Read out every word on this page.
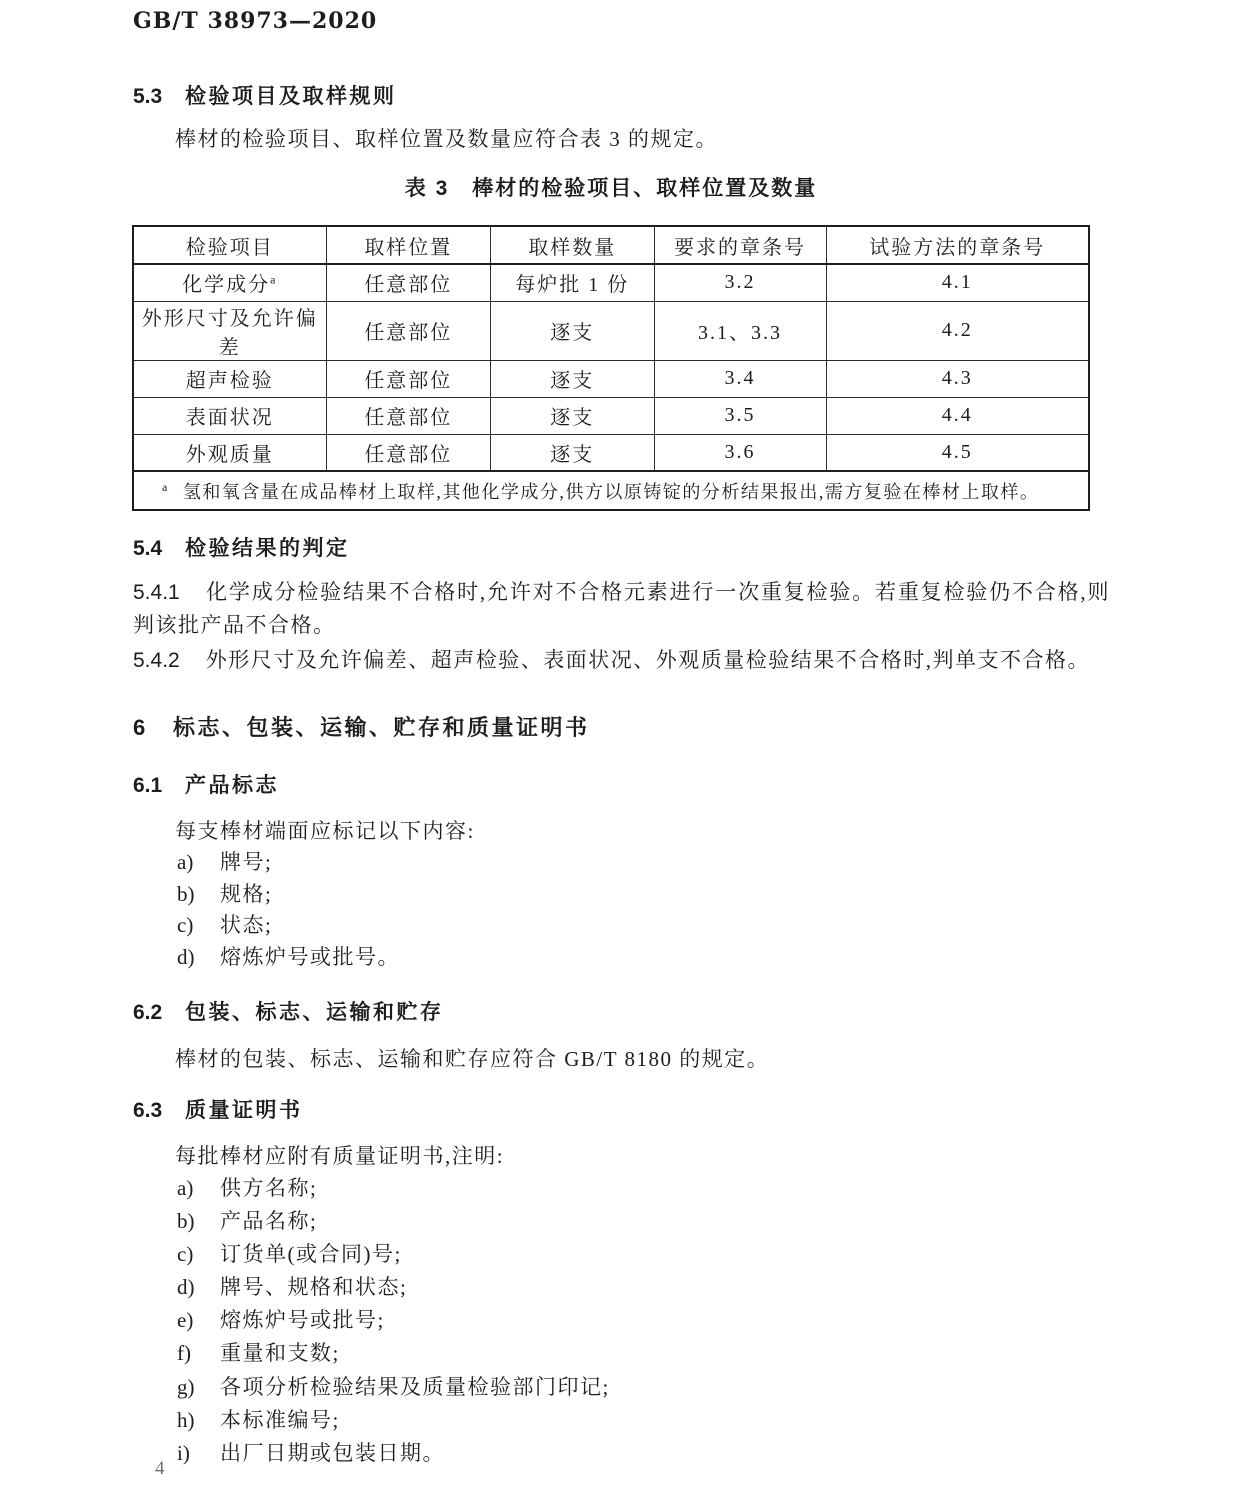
GB/T 38973—2020
5.3 检验项目及取样规则
棒材的检验项目、取样位置及数量应符合表 3 的规定。
表 3　棒材的检验项目、取样位置及数量
检验项目	取样位置	取样数量	要求的章条号	试验方法的章条号
化学成分$^a$	任意部位	每炉批 1 份	3.2	4.1
外形尺寸及允许偏差	任意部位	逐支	3.1、3.3	4.2
超声检验	任意部位	逐支	3.4	4.3
表面状况	任意部位	逐支	3.5	4.4
外观质量	任意部位	逐支	3.6	4.5
$^a$ 氢和氧含量在成品棒材上取样,其他化学成分,供方以原铸锭的分析结果报出,需方复验在棒材上取样。				
5.4 检验结果的判定
5.4.1 化学成分检验结果不合格时,允许对不合格元素进行一次重复检验。若重复检验仍不合格,则判该批产品不合格。
5.4.2 外形尺寸及允许偏差、超声检验、表面状况、外观质量检验结果不合格时,判单支不合格。
6 标志、包装、运输、贮存和质量证明书
6.1 产品标志
每支棒材端面应标记以下内容:
a) 牌号;
b) 规格;
c) 状态;
d) 熔炼炉号或批号。
6.2 包装、标志、运输和贮存
棒材的包装、标志、运输和贮存应符合 GB/T 8180 的规定。
6.3 质量证明书
每批棒材应附有质量证明书,注明:
a) 供方名称;
b) 产品名称;
c) 订货单(或合同)号;
d) 牌号、规格和状态;
e) 熔炼炉号或批号;
f) 重量和支数;
g) 各项分析检验结果及质量检验部门印记;
h) 本标准编号;
i) 出厂日期或包装日期。
4
